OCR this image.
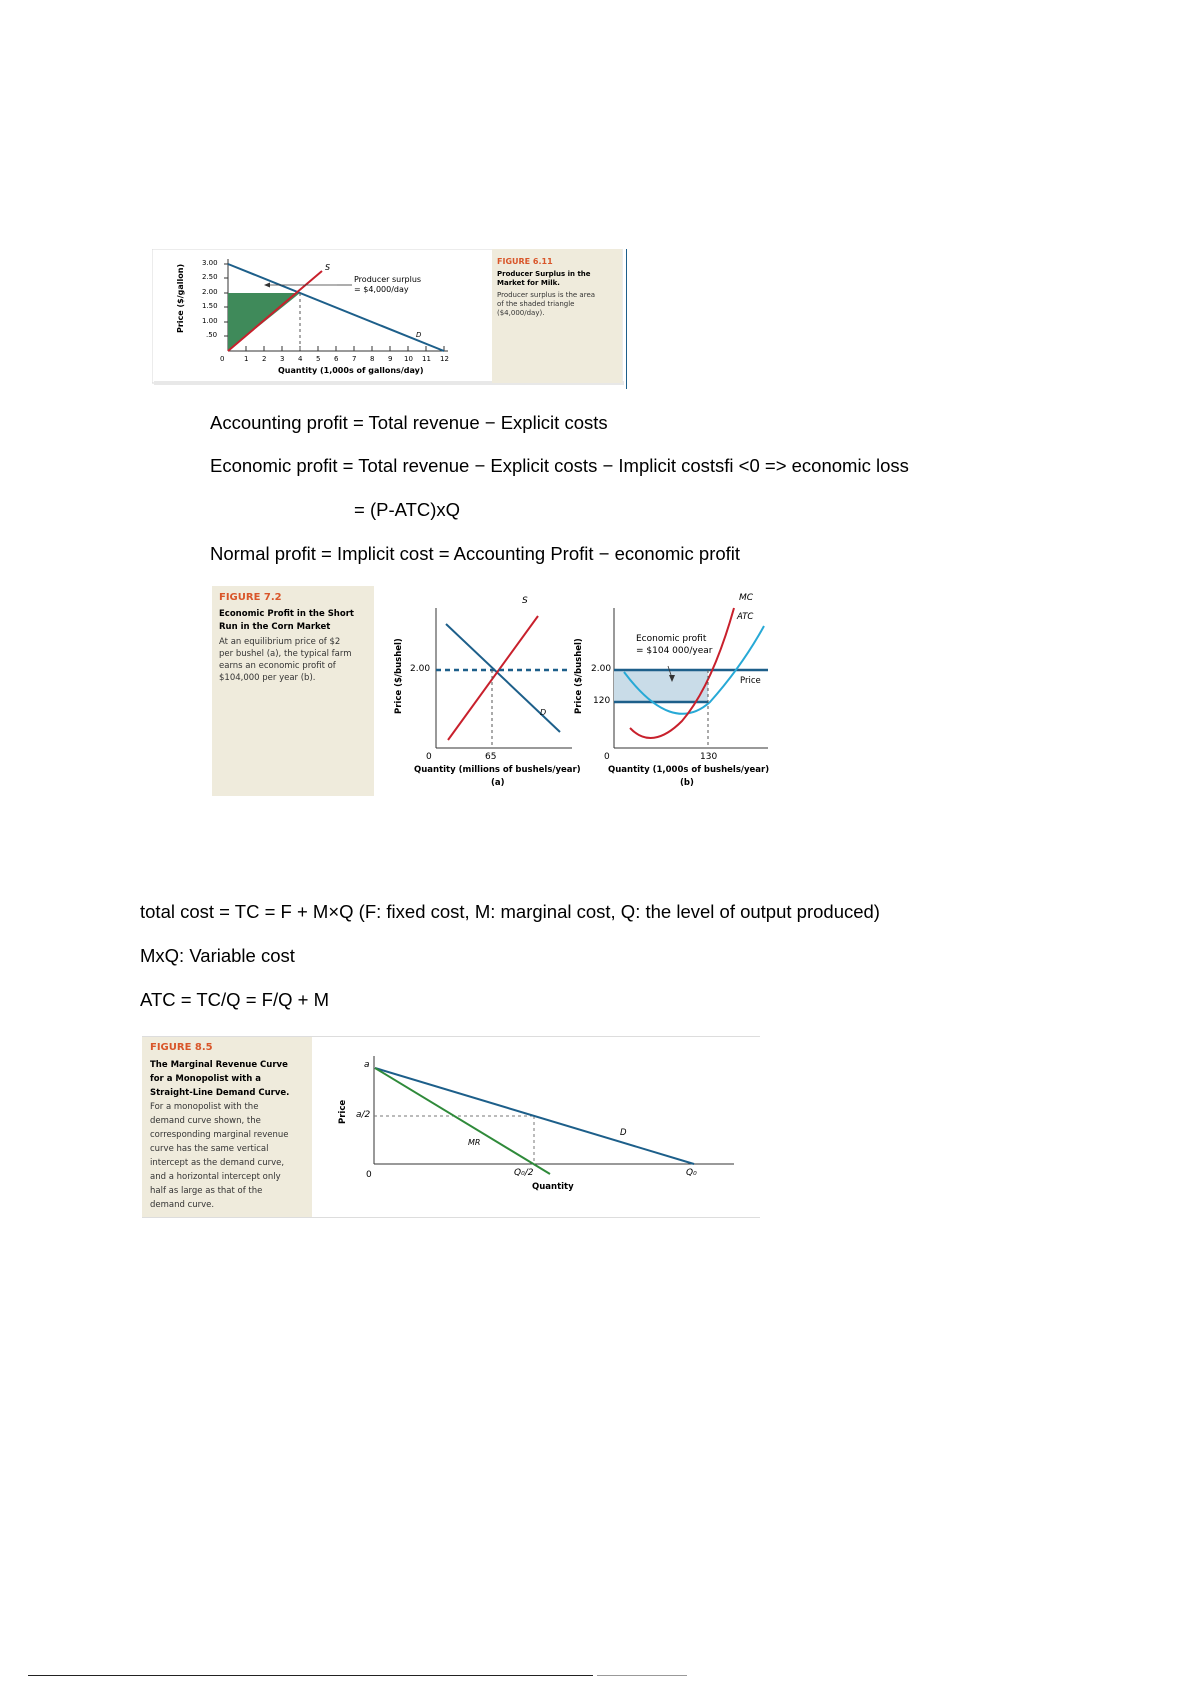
Price ($/gallon)
3.00
2.50
2.00
1.50
1.00
.50
0	1 2 3 4 5 6 7 8 9 10 11 12
Quantity (1,000s of gallons/day)
S
D
Producer surplus
= $4,000/day
FIGURE 6.11
Producer Surplus in the
Market for Milk.
Producer surplus is the area
of the shaded triangle
($4,000/day).
Accounting profit = Total revenue − Explicit costs
Economic profit = Total revenue − Explicit costs − Implicit costsfi <0 => economic loss
= (P-ATC)xQ
Normal profit = Implicit cost = Accounting Profit − economic profit
FIGURE 7.2
Economic Profit in the Short
Run in the Corn Market
At an equilibrium price of $2
per bushel (a), the typical farm
earns an economic profit of
$104,000 per year (b).	Price ($/bushel) 2.00
0	65
Quantity (millions of bushels/year)
(a)
S
D	Price ($/bushel) 2.00
120
0	130
Quantity (1,000s of bushels/year)
(b)
MC
ATC
Price
Economic profit
= $104 000/year
total cost = TC = F + M×Q (F: fixed cost, M: marginal cost, Q: the level of output produced)
MxQ: Variable cost
ATC = TC/Q = F/Q + M
FIGURE 8.5
The Marginal Revenue Curve
for a Monopolist with a
Straight-Line Demand Curve.
For a monopolist with the
demand curve shown, the
corresponding marginal revenue
curve has the same vertical
intercept as the demand curve,
and a horizontal intercept only
half as large as that of the
demand curve.
Price
a
a/2
0	Q₀/2	Q₀
MR
D
Quantity
